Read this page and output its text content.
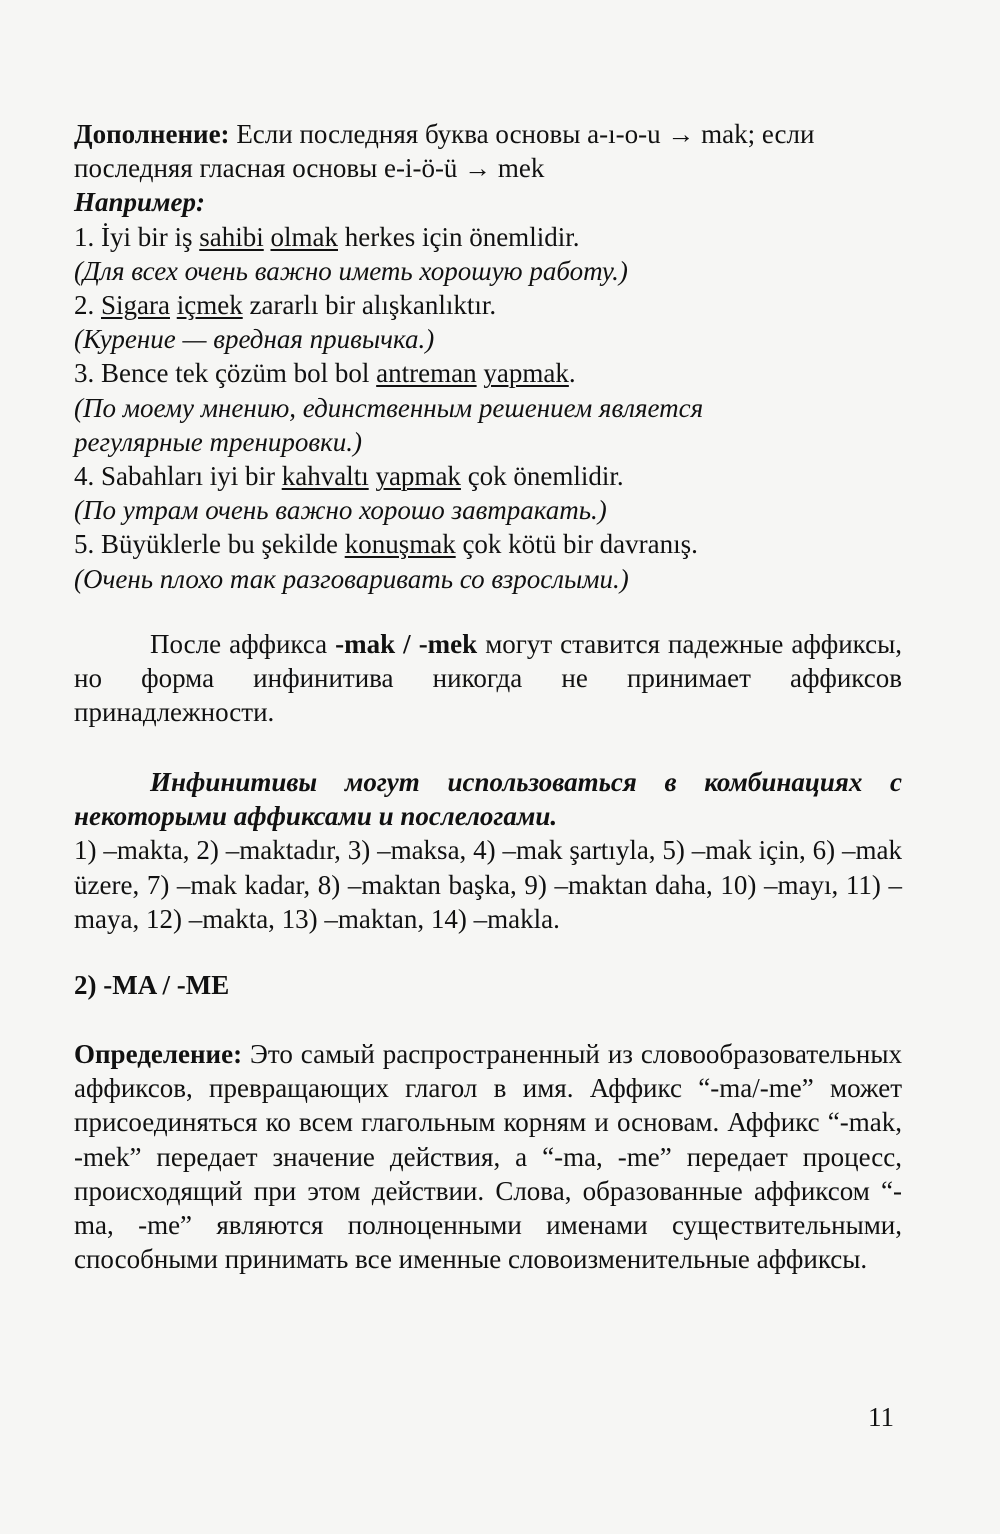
Дополнение: Если последняя буква основы a-ı-o-u → mak; если последняя гласная основы e-i-ö-ü → mek

Например:

1. İyi bir iş sahibi olmak herkes için önemlidir.

(Для всех очень важно иметь хорошую работу.)

2. Sigara içmek zararlı bir alışkanlıktır.

(Курение — вредная привычка.)

3. Bence tek çözüm bol bol antreman yapmak.

(По моему мнению, единственным решением является регулярные тренировки.)

4. Sabahları iyi bir kahvaltı yapmak çok önemlidir.

(По утрам очень важно хорошо завтракать.)

5. Büyüklerle bu şekilde konuşmak çok kötü bir davranış.

(Очень плохо так разговаривать со взрослыми.)

После аффикса -mak / -mek могут ставится падежные аффиксы, но форма инфинитива никогда не принимает аффиксов принадлежности.

Инфинитивы могут использоваться в комбинациях с некоторыми аффиксами и послелогами.

1) –makta, 2) –maktadır, 3) –maksa, 4) –mak şartıyla, 5) –mak için, 6) –mak üzere, 7) –mak kadar, 8) –maktan başka, 9) –maktan daha, 10) –mayı, 11) –maya, 12) –makta, 13) –maktan, 14) –makla.

2) -MA / -ME

Определение: Это самый распространенный из словообразовательных аффиксов, превращающих глагол в имя. Аффикс “-ma/-me” может присоединяться ко всем глагольным корням и основам. Аффикс “-mak, -mek” передает значение действия, а “-ma, -me” передает процесс, происходящий при этом действии. Слова, образованные аффиксом “-ma, -me” являются полноценными именами существительными, способными принимать все именные словоизменительные аффиксы.

11
